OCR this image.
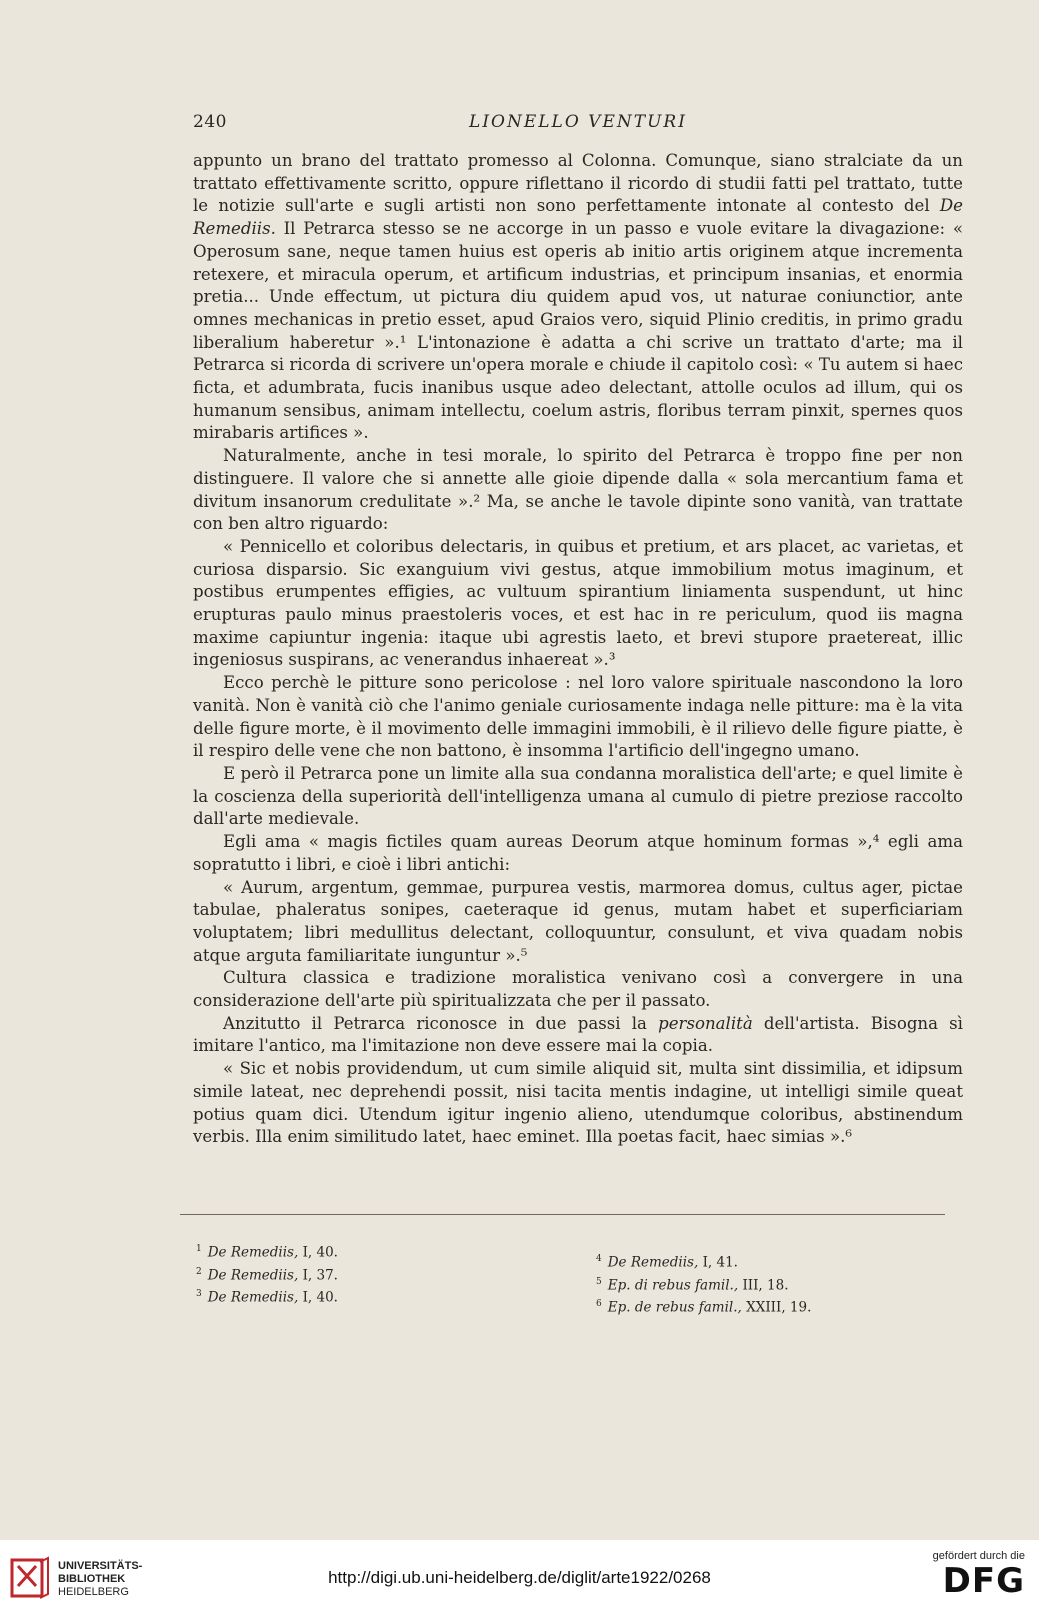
240	LIONELLO VENTURI

appunto un brano del trattato promesso al Colonna. Comunque, siano stralciate da un trattato effettivamente scritto, oppure riflettano il ricordo di studii fatti pel trattato, tutte le notizie sull'arte e sugli artisti non sono perfettamente intonate al contesto del De Remediis. Il Petrarca stesso se ne accorge in un passo e vuole evitare la divagazione: « Operosum sane, neque tamen huius est operis ab initio artis originem atque incrementa retexere, et miracula operum, et artificum industrias, et principum insanias, et enormia pretia... Unde effectum, ut pictura diu quidem apud vos, ut naturae coniunctior, ante omnes mechanicas in pretio esset, apud Graios vero, siquid Plinio creditis, in primo gradu liberalium haberetur ».¹ L'intonazione è adatta a chi scrive un trattato d'arte; ma il Petrarca si ricorda di scrivere un'opera morale e chiude il capitolo così: « Tu autem si haec ficta, et adumbrata, fucis inanibus usque adeo delectant, attolle oculos ad illum, qui os humanum sensibus, animam intellectu, coelum astris, floribus terram pinxit, spernes quos mirabaris artifices ».

Naturalmente, anche in tesi morale, lo spirito del Petrarca è troppo fine per non distinguere. Il valore che si annette alle gioie dipende dalla « sola mercantium fama et divitum insanorum credulitate ».² Ma, se anche le tavole dipinte sono vanità, van trattate con ben altro riguardo:

« Pennicello et coloribus delectaris, in quibus et pretium, et ars placet, ac varietas, et curiosa disparsio. Sic exanguium vivi gestus, atque immobilium motus imaginum, et postibus erumpentes effigies, ac vultuum spirantium liniamenta suspendunt, ut hinc erupturas paulo minus praestoleris voces, et est hac in re periculum, quod iis magna maxime capiuntur ingenia: itaque ubi agrestis laeto, et brevi stupore praetereat, illic ingeniosus suspirans, ac venerandus inhaereat ».³

Ecco perchè le pitture sono pericolose : nel loro valore spirituale nascondono la loro vanità. Non è vanità ciò che l'animo geniale curiosamente indaga nelle pitture: ma è la vita delle figure morte, è il movimento delle immagini immobili, è il rilievo delle figure piatte, è il respiro delle vene che non battono, è insomma l'artificio dell'ingegno umano.

E però il Petrarca pone un limite alla sua condanna moralistica dell'arte; e quel limite è la coscienza della superiorità dell'intelligenza umana al cumulo di pietre preziose raccolto dall'arte medievale.

Egli ama « magis fictiles quam aureas Deorum atque hominum formas »,⁴ egli ama sopratutto i libri, e cioè i libri antichi:

« Aurum, argentum, gemmae, purpurea vestis, marmorea domus, cultus ager, pictae tabulae, phaleratus sonipes, caeteraque id genus, mutam habet et superficiariam voluptatem; libri medullitus delectant, colloquuntur, consulunt, et viva quadam nobis atque arguta familiaritate iunguntur ».⁵

Cultura classica e tradizione moralistica venivano così a convergere in una considerazione dell'arte più spiritualizzata che per il passato.

Anzitutto il Petrarca riconosce in due passi la personalità dell'artista. Bisogna sì imitare l'antico, ma l'imitazione non deve essere mai la copia.

« Sic et nobis providendum, ut cum simile aliquid sit, multa sint dissimilia, et idipsum simile lateat, nec deprehendi possit, nisi tacita mentis indagine, ut intelligi simile queat potius quam dici. Utendum igitur ingenio alieno, utendumque coloribus, abstinendum verbis. Illa enim similitudo latet, haec eminet. Illa poetas facit, haec simias ».⁶

$^1$ De Remediis, I, 40.
$^2$ De Remediis, I, 37.
$^3$ De Remediis, I, 40.
$^4$ De Remediis, I, 41.
$^5$ Ep. di rebus famil., III, 18.
$^6$ Ep. de rebus famil., XXIII, 19.
UNIVERSITÄTS-
BIBLIOTHEK
HEIDELBERG
http://digi.ub.uni-heidelberg.de/diglit/arte1922/0268
gefördert durch die
DFG
